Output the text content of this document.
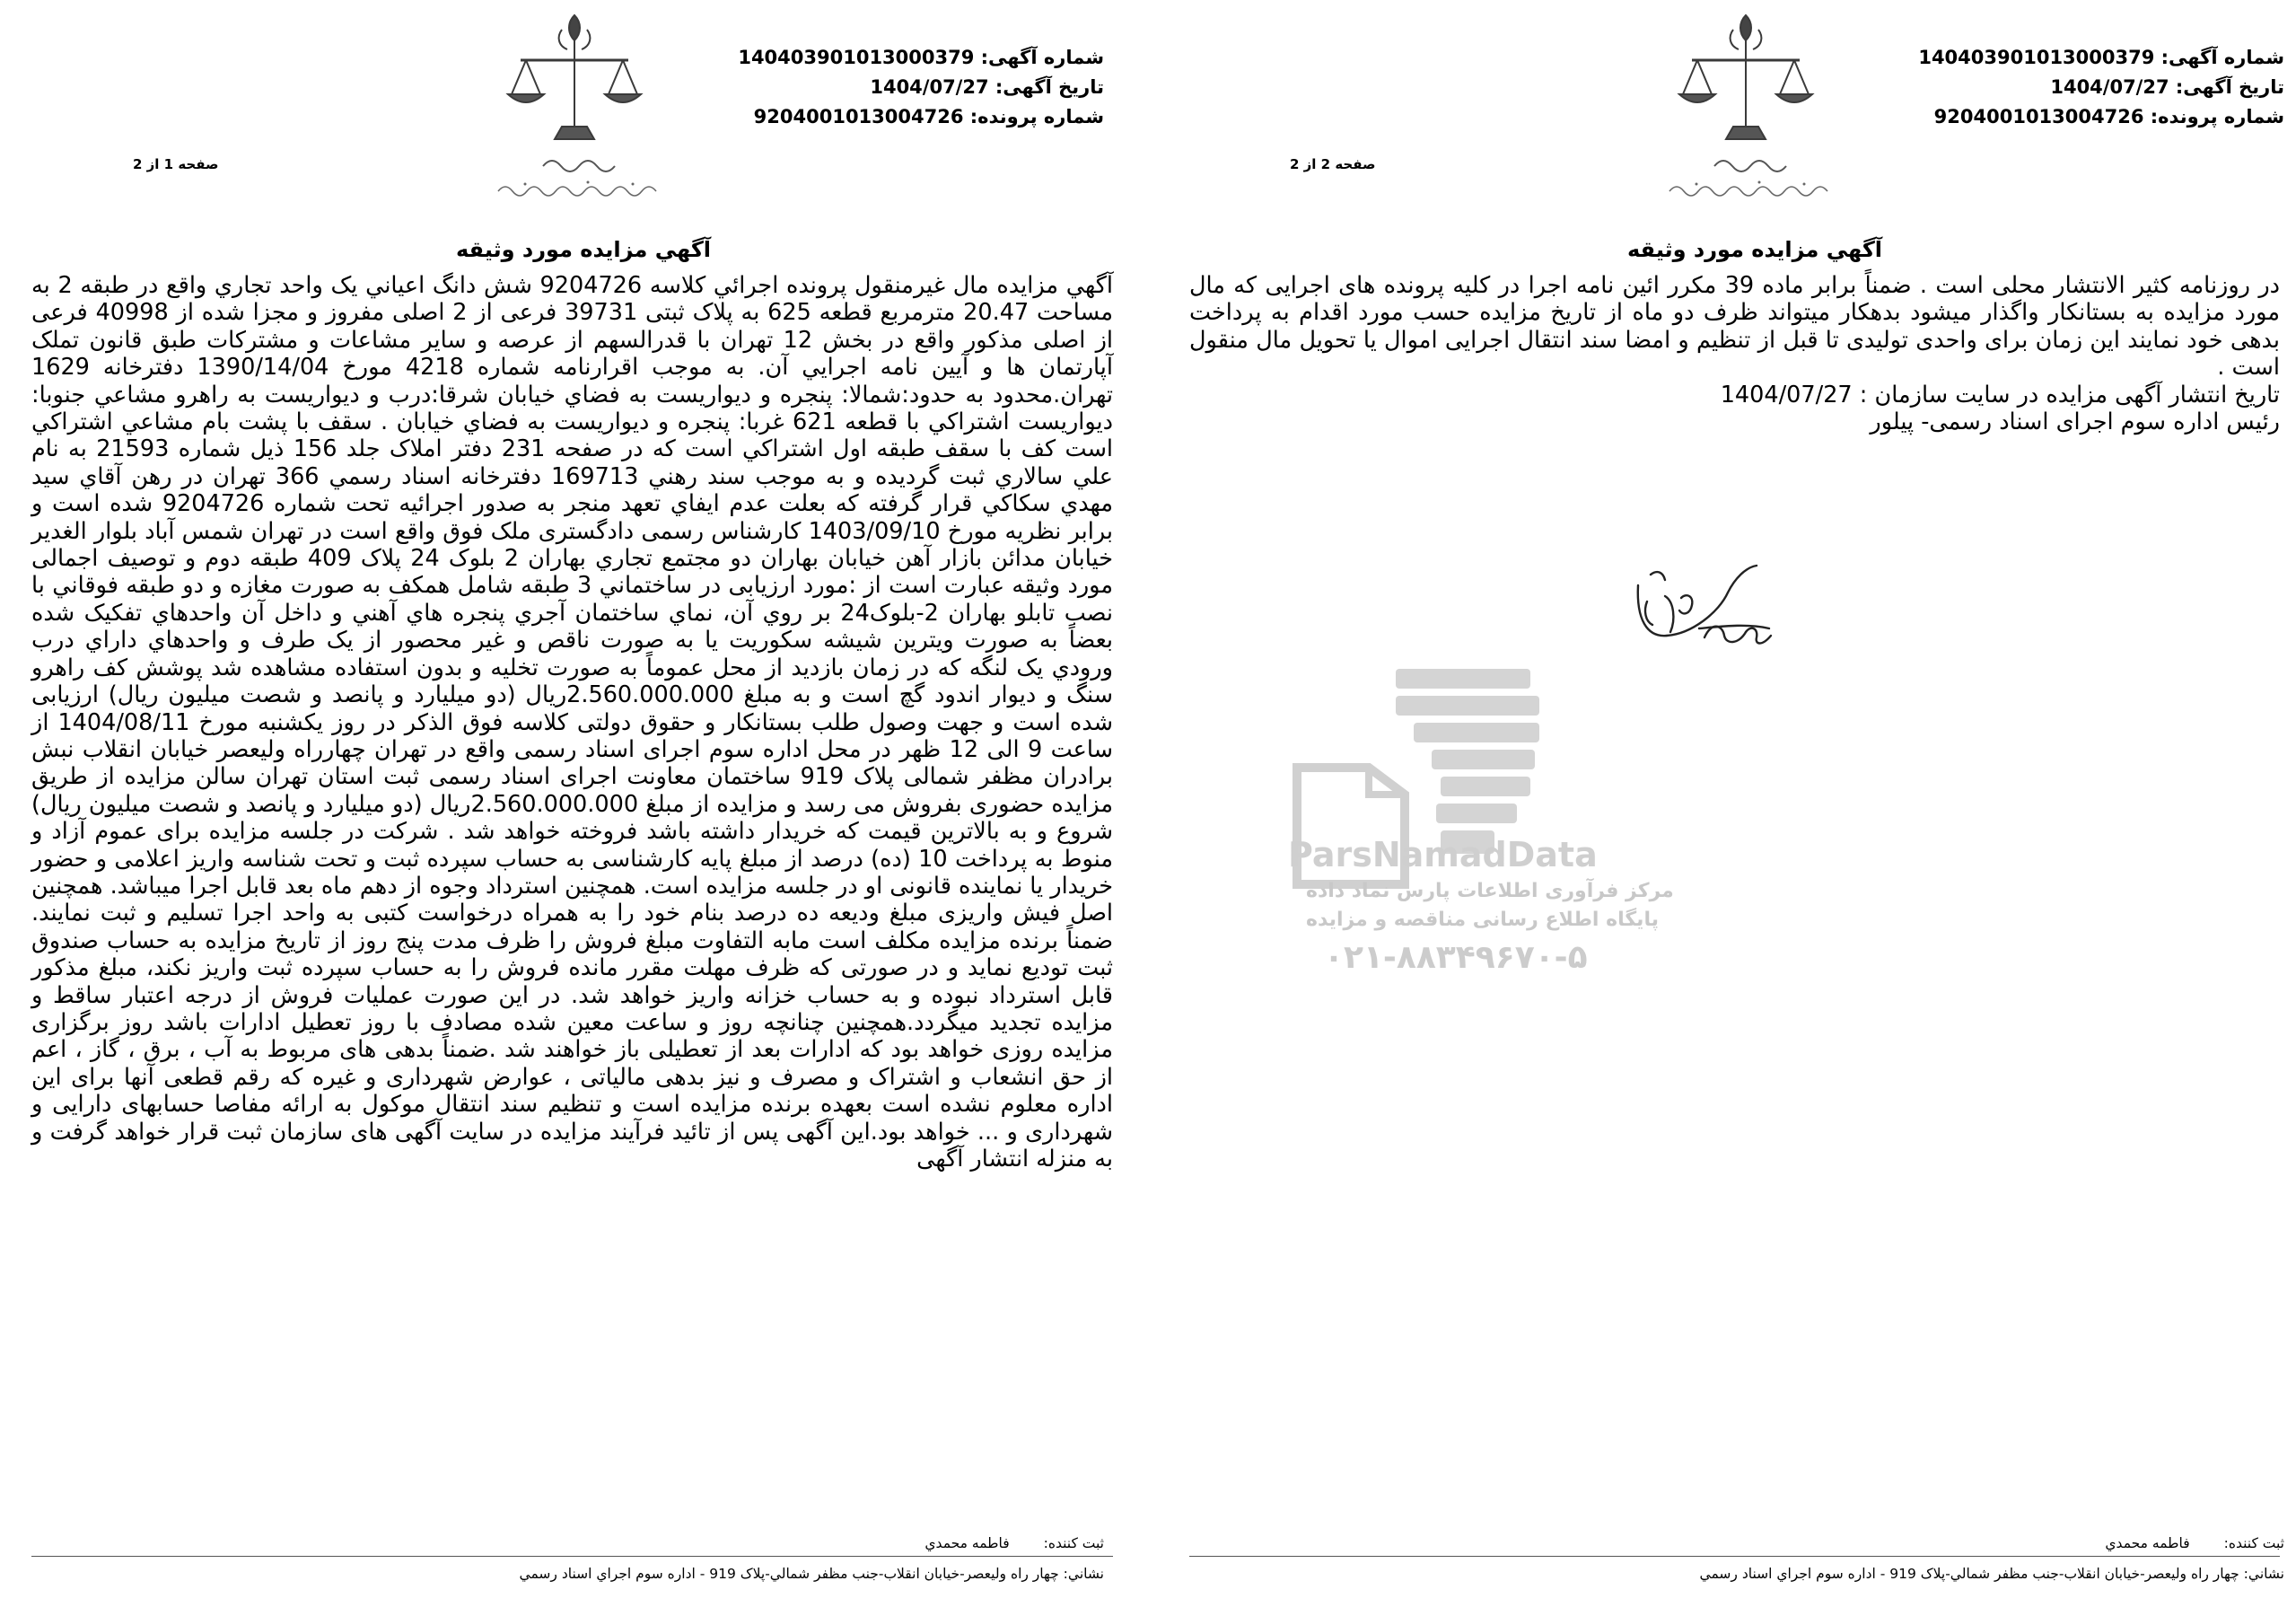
شماره آگهی: 140403901013000379
تاریخ آگهی: 1404/07/27
شماره پرونده: 9204001013004726
صفحه 1 از 2
آگهي مزايده مورد وثيقه

آگهي مزايده مال غيرمنقول پرونده اجرائي كلاسه 9204726 شش دانگ اعياني يک واحد تجاري واقع در طبقه 2 به مساحت 20.47 مترمربع قطعه 625 به پلاک ثبتی 39731 فرعی از 2 اصلی مفروز و مجزا شده از 40998 فرعی از اصلی مذکور واقع در بخش 12 تهران با قدرالسهم از عرصه و ساير مشاعات و مشترکات طبق قانون تملک آپارتمان ها و آيين نامه اجرايي آن. به موجب اقرارنامه شماره 4218 مورخ 1390/14/04 دفترخانه 1629 تهران.محدود به حدود:شمالا: پنجره و ديواريست به فضاي خيابان شرقا:درب و ديواريست به راهرو مشاعي جنوبا: ديواريست اشتراکي با قطعه 621 غربا: پنجره و ديواريست به فضاي خيابان . سقف با پشت بام مشاعي اشتراکي است کف با سقف طبقه اول اشتراکي است که در صفحه 231 دفتر املاک جلد 156 ذيل شماره 21593 به نام علي سالاري ثبت گرديده و به موجب سند رهني 169713 دفترخانه اسناد رسمي 366 تهران در رهن آقاي سيد مهدي سکاکي قرار گرفته كه بعلت عدم ايفاي تعهد منجر به صدور اجرائيه تحت شماره 9204726 شده است و برابر نظريه مورخ 1403/09/10 کارشناس رسمی دادگستری ملک فوق واقع است در تهران شمس آباد بلوار الغدير خيابان مدائن بازار آهن خيابان بهاران دو مجتمع تجاري بهاران 2 بلوک 24 پلاک 409 طبقه دوم و توصيف اجمالی مورد وثيقه عبارت است از :مورد ارزيابی در ساختماني 3 طبقه شامل همکف به صورت مغازه و دو طبقه فوقاني با نصب تابلو بهاران 2-بلوک24 بر روي آن، نماي ساختمان آجري پنجره هاي آهني و داخل آن واحدهاي تفکيک شده بعضاً به صورت ويترين شيشه سکوريت يا به صورت ناقص و غير محصور از يک طرف و واحدهاي داراي درب ورودي يک لنگه که در زمان بازديد از محل عموماً به صورت تخليه و بدون استفاده مشاهده شد پوشش کف راهرو سنگ و ديوار اندود گچ است و به مبلغ 2.560.000.000ريال (دو ميليارد و پانصد و شصت ميليون ريال) ارزيابی شده است و جهت وصول طلب بستانکار و حقوق دولتی كلاسه فوق الذكر در روز يکشنبه مورخ 1404/08/11 از ساعت 9 الی 12 ظهر در محل اداره سوم اجرای اسناد رسمی واقع در تهران چهارراه وليعصر خيابان انقلاب نبش برادران مظفر شمالی پلاک 919 ساختمان معاونت اجرای اسناد رسمی ثبت استان تهران سالن مزايده از طريق مزايده حضوری بفروش می رسد و مزايده از مبلغ 2.560.000.000ريال (دو ميليارد و پانصد و شصت ميليون ريال) شروع و به بالاترين قيمت كه خريدار داشته باشد فروخته خواهد شد . شرکت در جلسه مزايده برای عموم آزاد و منوط به پرداخت 10 (ده) درصد از مبلغ پايه کارشناسی به حساب سپرده ثبت و تحت شناسه واريز اعلامی و حضور خريدار يا نماينده قانونی او در جلسه مزايده است. همچنين استرداد وجوه از دهم ماه بعد قابل اجرا ميباشد. همچنين اصل فيش واريزی مبلغ وديعه ده درصد بنام خود را به همراه درخواست کتبی به واحد اجرا تسليم و ثبت نمايند. ضمناً برنده مزايده مکلف است مابه التفاوت مبلغ فروش را ظرف مدت پنج روز از تاريخ مزايده به حساب صندوق ثبت توديع نمايد و در صورتی که ظرف مهلت مقرر مانده فروش را به حساب سپرده ثبت واريز نكند، مبلغ مذکور قابل استرداد نبوده و به حساب خزانه واريز خواهد شد. در اين صورت عمليات فروش از درجه اعتبار ساقط و مزايده تجديد ميگردد.همچنين چنانچه روز و ساعت معين شده مصادف با روز تعطيل ادارات باشد روز برگزاری مزايده روزی خواهد بود که ادارات بعد از تعطيلی باز خواهند شد .ضمناً بدهی های مربوط به آب ، برق ، گاز ، اعم از حق انشعاب و اشتراک و مصرف و نيز بدهی مالياتی ، عوارض شهرداری و غيره که رقم قطعی آنها برای اين اداره معلوم نشده است بعهده برنده مزايده است و تنظيم سند انتقال موکول به ارائه مفاصا حسابهای دارايی و شهرداری و ... خواهد بود.اين آگهی پس از تائيد فرآيند مزايده در سايت آگهی های سازمان ثبت قرار خواهد گرفت و به منزله انتشار آگهی

ثبت کننده:فاطمه محمدي
نشاني: چهار راه وليعصر-خيابان انقلاب-جنب مظفر شمالي-پلاک 919 - اداره سوم اجراي اسناد رسمي
شماره آگهی: 140403901013000379
تاریخ آگهی: 1404/07/27
شماره پرونده: 9204001013004726
صفحه 2 از 2
آگهي مزايده مورد وثيقه

در روزنامه کثير الانتشار محلی است . ضمناً برابر ماده 39 مکرر ائين نامه اجرا در کليه پرونده های اجرايی که مال مورد مزايده به بستانکار واگذار ميشود بدهکار ميتواند ظرف دو ماه از تاريخ مزايده حسب مورد اقدام به پرداخت بدهی خود نمايند اين زمان برای واحدی توليدی تا قبل از تنظيم و امضا سند انتقال اجرايی اموال يا تحويل مال منقول است .

تاریخ انتشار آگهی مزایده در سایت سازمان : 1404/07/27

رئيس اداره سوم اجرای اسناد رسمی- پيلور

ParsNamadData
مرکز فرآوری اطلاعات پارس نماد داده
پایگاه اطلاع رسانی مناقصه و مزایده
۰۲۱-۸۸۳۴۹۶۷۰-۵
ثبت کننده:فاطمه محمدي
نشاني: چهار راه وليعصر-خيابان انقلاب-جنب مظفر شمالي-پلاک 919 - اداره سوم اجراي اسناد رسمي
